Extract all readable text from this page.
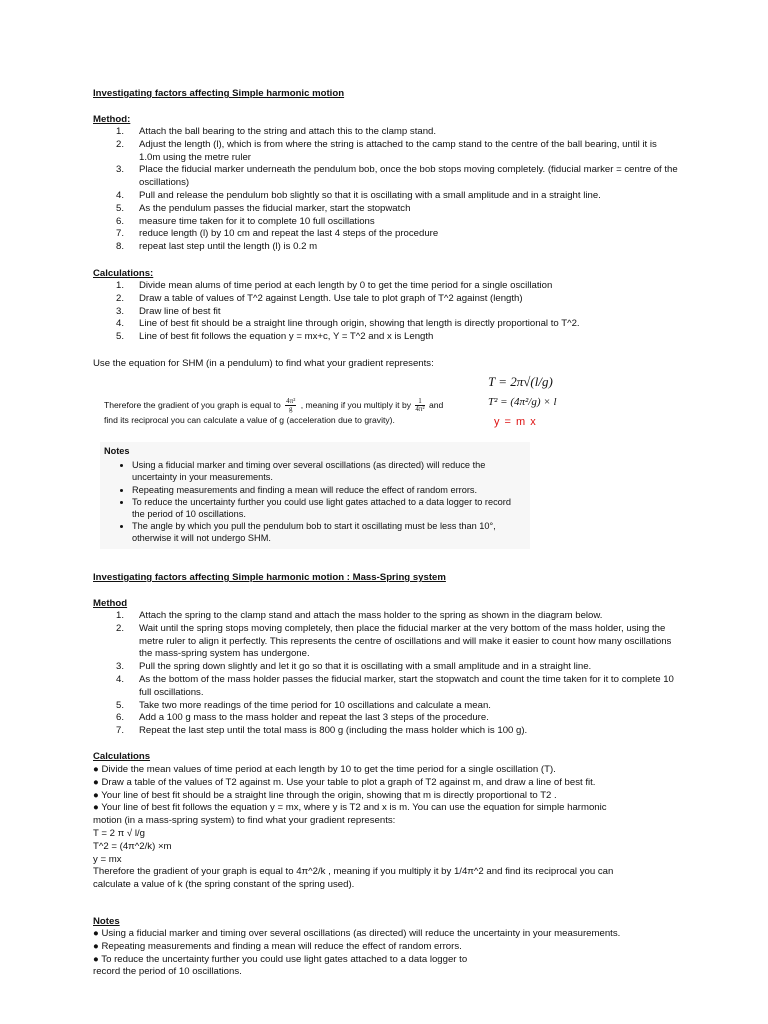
Investigating factors affecting Simple harmonic motion
Method:
1.	Attach the ball bearing to the string and attach this to the clamp stand.
2.	Adjust the length (l), which is from where the string is attached to the camp stand to the centre of the ball bearing, until it is 1.0m using the metre ruler
3.	Place the fiducial marker underneath the pendulum bob, once the bob stops moving completely. (fiducial marker = centre of the oscillations)
4.	Pull and release the pendulum bob slightly so that it is oscillating with a small amplitude and in a straight line.
5.	As the pendulum passes the fiducial marker, start the stopwatch
6.	measure time taken for it to complete 10 full oscillations
7.	reduce length (l) by 10 cm and repeat the last 4 steps of the procedure
8.	repeat last step until the length (l) is 0.2 m
Calculations:
1.	Divide mean alums of time period at each length by 0 to get the time period for a single oscillation
2.	Draw a table of values of T^2 against Length. Use tale to plot graph of T^2 against (length)
3.	Draw line of best fit
4.	Line of best fit should be a straight line through origin, showing that length is directly proportional to T^2.
5.	Line of best fit follows the equation y = mx+c, Y = T^2 and x is Length
Use the equation for SHM (in a pendulum) to find what your gradient represents:
T = 2π√(l/g)
T² = (4π²/g) × l
y = m x
Therefore the gradient of you graph is equal to $\frac{\text{4π²}}{g}$ , meaning if you multiply it by $\frac{1}{\text{4π²}}$ and
find its reciprocal you can calculate a value of g (acceleration due to gravity).
Notes
• Using a fiducial marker and timing over several oscillations (as directed) will reduce the uncertainty in your measurements.
• Repeating measurements and finding a mean will reduce the effect of random errors.
• To reduce the uncertainty further you could use light gates attached to a data logger to record the period of 10 oscillations.
• The angle by which you pull the pendulum bob to start it oscillating must be less than 10°, otherwise it will not undergo SHM.
Investigating factors affecting Simple harmonic motion : Mass-Spring system
Method
1.	Attach the spring to the clamp stand and attach the mass holder to the spring as shown in the diagram below.
2.	Wait until the spring stops moving completely, then place the fiducial marker at the very bottom of the mass holder, using the metre ruler to align it perfectly. This represents the centre of oscillations and will make it easier to count how many oscillations the mass-spring system has undergone.
3.	Pull the spring down slightly and let it go so that it is oscillating with a small amplitude and in a straight line.
4.	As the bottom of the mass holder passes the fiducial marker, start the stopwatch and count the time taken for it to complete 10 full oscillations.
5.	Take two more readings of the time period for 10 oscillations and calculate a mean.
6.	Add a 100 g mass to the mass holder and repeat the last 3 steps of the procedure.
7.	Repeat the last step until the total mass is 800 g (including the mass holder which is 100 g).
Calculations
● Divide the mean values of time period at each length by 10 to get the time period for a single oscillation (T).
● Draw a table of the values of T2 against m. Use your table to plot a graph of T2 against m, and draw a line of best fit.
● Your line of best fit should be a straight line through the origin, showing that m is directly proportional to T2 .
● Your line of best fit follows the equation y = mx, where y is T2 and x is m. You can use the equation for simple harmonic
motion (in a mass-spring system) to find what your gradient represents:
T = 2 π √ l/g
T^2 = (4π^2/k) ×m
y = mx
Therefore the gradient of your graph is equal to 4π^2/k , meaning if you multiply it by 1/4π^2 and find its reciprocal you can
calculate a value of k (the spring constant of the spring used).
Notes
● Using a fiducial marker and timing over several oscillations (as directed) will reduce the uncertainty in your measurements.
● Repeating measurements and finding a mean will reduce the effect of random errors.
● To reduce the uncertainty further you could use light gates attached to a data logger to
record the period of 10 oscillations.
